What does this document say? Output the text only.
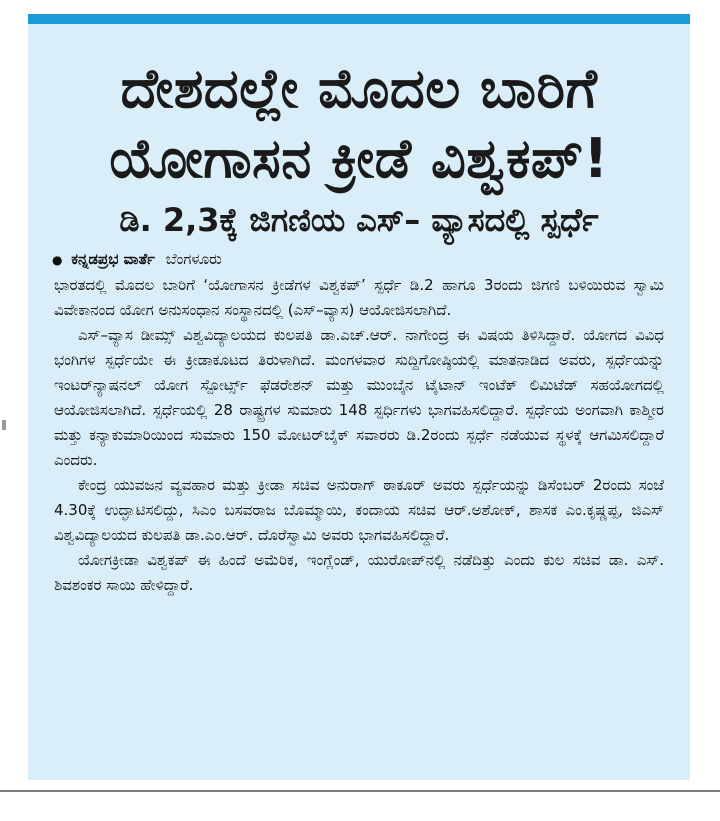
ದೇಶದಲ್ಲೇ ಮೊದಲ ಬಾರಿಗೆ
ಯೋಗಾಸನ ಕ್ರೀಡೆ ವಿಶ್ವಕಪ್!
ಡಿ. 2,3ಕ್ಕೆ ಜಿಗಣಿಯ ಎಸ್‌– ವ್ಯಾಸದಲ್ಲಿ ಸ್ಪರ್ಧೆ
● ಕನ್ನಡಪ್ರಭ ವಾರ್ತೆ ಬೆಂಗಳೂರು

ಭಾರತದಲ್ಲಿ ಮೊದಲ ಬಾರಿಗೆ ‘ಯೋಗಾಸನ ಕ್ರೀಡೆಗಳ ವಿಶ್ವಕಪ್’ ಸ್ಪರ್ಧೆ ಡಿ.2 ಹಾಗೂ 3ರಂದು ಜಿಗಣಿ ಬಳಿಯಿರುವ ಸ್ವಾಮಿ ವಿವೇಕಾನಂದ ಯೋಗ ಅನುಸಂಧಾನ ಸಂಸ್ಥಾನದಲ್ಲಿ (ಎಸ್‌–ವ್ಯಾಸ) ಆಯೋಜಿಸಲಾಗಿದೆ.

ಎಸ್‌–ವ್ಯಾಸ ಡೀಮ್ಸ್‌ ವಿಶ್ವವಿದ್ಯಾಲಯದ ಕುಲಪತಿ ಡಾ.ಎಚ್‌.ಆರ್‌. ನಾಗೇಂದ್ರ ಈ ವಿಷಯ ತಿಳಿಸಿದ್ದಾರೆ. ಯೋಗದ ವಿವಿಧ ಭಂಗಿಗಳ ಸ್ಪರ್ಧೆಯೇ ಈ ಕ್ರೀಡಾಕೂಟದ ತಿರುಳಾಗಿದೆ. ಮಂಗಳವಾರ ಸುದ್ದಿಗೋಷ್ಠಿಯಲ್ಲಿ ಮಾತನಾಡಿದ ಅವರು, ಸ್ಪರ್ಧೆಯನ್ನು ಇಂಟರ್‌ನ್ಯಾಷನಲ್‌ ಯೋಗ ಸ್ಪೋರ್ಟ್ಸ್‌ ಫೆಡರೇಶನ್‌ ಮತ್ತು ಮುಂಬೈನ ಟೈಟಾನ್‌ ಇಂಟೆಕ್‌ ಲಿಮಿಟೆಡ್‌ ಸಹಯೋಗದಲ್ಲಿ ಆಯೋಜಿಸಲಾಗಿದೆ. ಸ್ಪರ್ಧೆಯಲ್ಲಿ 28 ರಾಷ್ಟ್ರಗಳ ಸುಮಾರು 148 ಸ್ಪರ್ಧಿಗಳು ಭಾಗವಹಿಸಲಿದ್ದಾರೆ. ಸ್ಪರ್ಧೆಯ ಅಂಗವಾಗಿ ಕಾಶ್ಮೀರ ಮತ್ತು ಕನ್ಯಾಕುಮಾರಿಯಿಂದ ಸುಮಾರು 150 ಮೋಟರ್‌ಬೈಕ್‌ ಸವಾರರು ಡಿ.2ರಂದು ಸ್ಪರ್ಧೆ ನಡೆಯುವ ಸ್ಥಳಕ್ಕೆ ಆಗಮಿಸಲಿದ್ದಾರೆ ಎಂದರು.

ಕೇಂದ್ರ ಯುವಜನ ವ್ಯವಹಾರ ಮತ್ತು ಕ್ರೀಡಾ ಸಚಿವ ಅನುರಾಗ್‌ ಠಾಕೂರ್‌ ಅವರು ಸ್ಪರ್ಧೆಯನ್ನು ಡಿಸೆಂಬರ್‌ 2ರಂದು ಸಂಜೆ 4.30ಕ್ಕೆ ಉದ್ಘಾಟಿಸಲಿದ್ದು, ಸಿಎಂ ಬಸವರಾಜ ಬೊಮ್ಮಾಯಿ, ಕಂದಾಯ ಸಚಿವ ಆರ್‌.ಅಶೋಕ್‌, ಶಾಸಕ ಎಂ.ಕೃಷ್ಣಪ್ಪ, ಜಿಎಸ್‌ ವಿಶ್ವವಿದ್ಯಾಲಯದ ಕುಲಪತಿ ಡಾ.ಎಂ.ಆರ್‌. ದೊರೆಸ್ವಾಮಿ ಅವರು ಭಾಗವಹಿಸಲಿದ್ದಾರೆ.

ಯೋಗಕ್ರೀಡಾ ವಿಶ್ವಕಪ್‌ ಈ ಹಿಂದೆ ಅಮೆರಿಕ, ಇಂಗ್ಲೆಂಡ್‌, ಯುರೋಪ್‌ನಲ್ಲಿ ನಡೆದಿತ್ತು ಎಂದು ಕುಲ ಸಚಿವ ಡಾ. ಎಸ್‌. ಶಿವಶಂಕರ ಸಾಯಿ ಹೇಳಿದ್ದಾರೆ.
